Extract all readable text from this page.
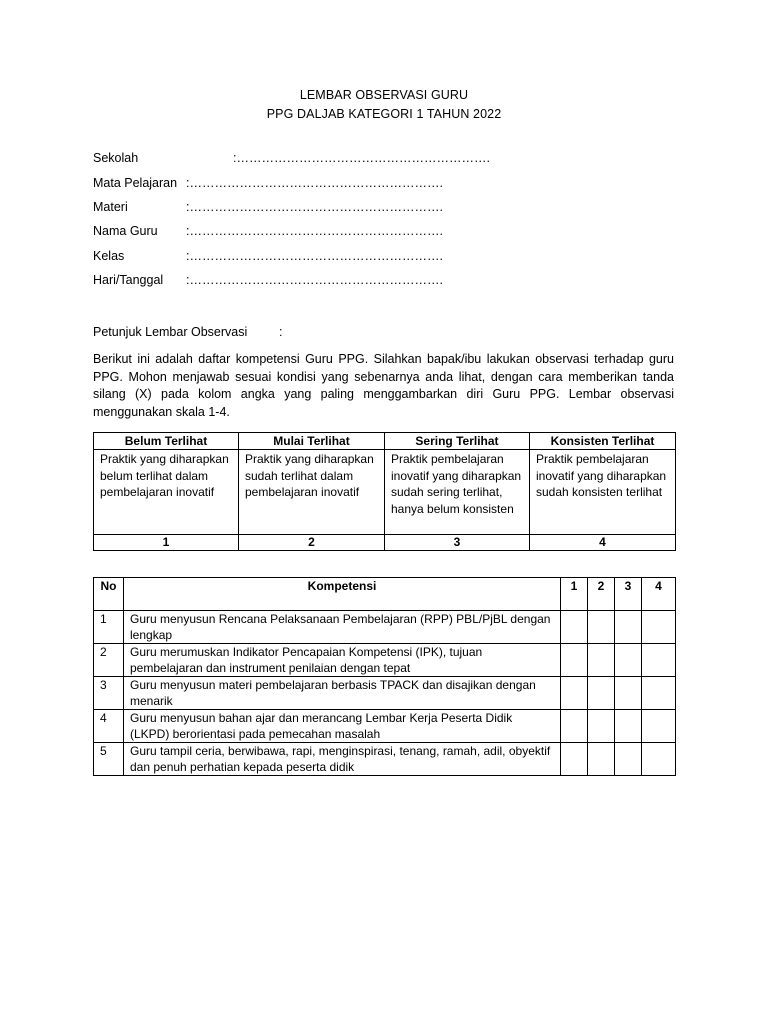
LEMBAR OBSERVASI GURU
PPG DALJAB KATEGORI 1 TAHUN 2022
Sekolah	:…………………………………………………….
Mata Pelajaran :…………………………………………………….
Materi	:…………………………………………………….
Nama Guru :…………………………………………………….
Kelas	:…………………………………………………….
Hari/Tanggal :…………………………………………………….
Petunjuk Lembar Observasi	:
Berikut ini adalah daftar kompetensi Guru PPG. Silahkan bapak/ibu lakukan observasi terhadap guru PPG. Mohon menjawab sesuai kondisi yang sebenarnya anda lihat, dengan cara memberikan tanda silang (X) pada kolom angka yang paling menggambarkan diri Guru PPG. Lembar observasi menggunakan skala 1-4.
Belum Terlihat	Mulai Terlihat	Sering Terlihat	Konsisten Terlihat
Praktik yang diharapkan belum terlihat dalam pembelajaran inovatif	Praktik yang diharapkan sudah terlihat dalam pembelajaran inovatif	Praktik pembelajaran inovatif yang diharapkan sudah sering terlihat, hanya belum konsisten	Praktik pembelajaran inovatif yang diharapkan sudah konsisten terlihat
1	2	3	4
No	Kompetensi	1	2	3	4
1	Guru menyusun Rencana Pelaksanaan Pembelajaran (RPP) PBL/PjBL dengan lengkap				
2	Guru merumuskan Indikator Pencapaian Kompetensi (IPK), tujuan pembelajaran dan instrument penilaian dengan tepat				
3	Guru menyusun materi pembelajaran berbasis TPACK dan disajikan dengan menarik				
4	Guru menyusun bahan ajar dan merancang Lembar Kerja Peserta Didik (LKPD) berorientasi pada pemecahan masalah				
5	Guru tampil ceria, berwibawa, rapi, menginspirasi, tenang, ramah, adil, obyektif dan penuh perhatian kepada peserta didik				
